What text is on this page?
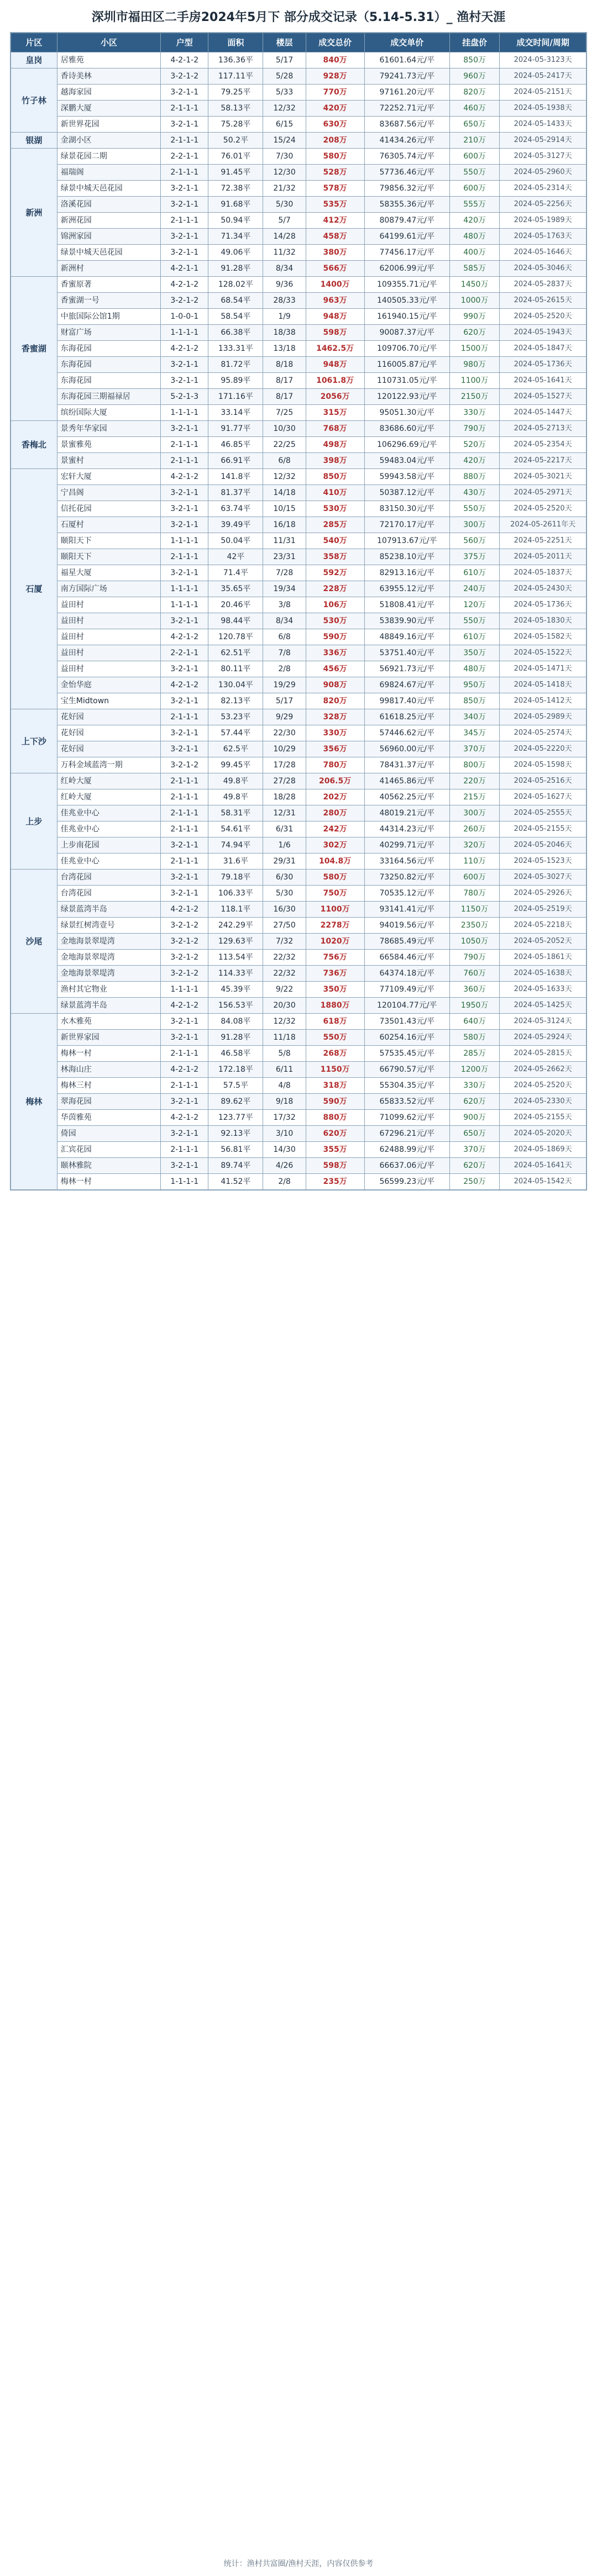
深圳市福田区二手房2024年5月下 部分成交记录（5.14-5.31）_ 渔村天涯
片区	小区	户型	面积	楼层	成交总价	成交单价	挂盘价	成交时间/周期
皇岗	居雅苑	4-2-1-2	136.36平	5/17	840万	61601.64元/平	850万	2024-05-3123天
竹子林	香诗美林	3-2-1-2	117.11平	5/28	928万	79241.73元/平	960万	2024-05-2417天
	越海家园	3-2-1-1	79.25平	5/33	770万	97161.20元/平	820万	2024-05-2151天
	深鹏大厦	2-1-1-1	58.13平	12/32	420万	72252.71元/平	460万	2024-05-1938天
	新世界花园	3-2-1-1	75.28平	6/15	630万	83687.56元/平	650万	2024-05-1433天
银湖	金湖小区	2-1-1-1	50.2平	15/24	208万	41434.26元/平	210万	2024-05-2914天
新洲	绿景花园二期	2-2-1-1	76.01平	7/30	580万	76305.74元/平	600万	2024-05-3127天
	福瑞阁	2-1-1-1	91.45平	12/30	528万	57736.46元/平	550万	2024-05-2960天
	绿景中城天邑花园	3-2-1-1	72.38平	21/32	578万	79856.32元/平	600万	2024-05-2314天
	洛溪花园	3-2-1-1	91.68平	5/30	535万	58355.36元/平	555万	2024-05-2256天
	新洲花园	2-1-1-1	50.94平	5/7	412万	80879.47元/平	420万	2024-05-1989天
	锦洲家园	3-2-1-1	71.34平	14/28	458万	64199.61元/平	480万	2024-05-1763天
	绿景中城天邑花园	3-2-1-1	49.06平	11/32	380万	77456.17元/平	400万	2024-05-1646天
	新洲村	4-2-1-1	91.28平	8/34	566万	62006.99元/平	585万	2024-05-3046天
香蜜湖	香蜜原著	4-2-1-2	128.02平	9/36	1400万	109355.71元/平	1450万	2024-05-2837天
	香蜜湖一号	3-2-1-2	68.54平	28/33	963万	140505.33元/平	1000万	2024-05-2615天
	中旅国际公馆1期	1-0-0-1	58.54平	1/9	948万	161940.15元/平	990万	2024-05-2520天
	财富广场	1-1-1-1	66.38平	18/38	598万	90087.37元/平	620万	2024-05-1943天
	东海花园	4-2-1-2	133.31平	13/18	1462.5万	109706.70元/平	1500万	2024-05-1847天
	东海花园	3-2-1-1	81.72平	8/18	948万	116005.87元/平	980万	2024-05-1736天
	东海花园	3-2-1-1	95.89平	8/17	1061.8万	110731.05元/平	1100万	2024-05-1641天
	东海花园三期福禄居	5-2-1-3	171.16平	8/17	2056万	120122.93元/平	2150万	2024-05-1527天
	缤纷国际大厦	1-1-1-1	33.14平	7/25	315万	95051.30元/平	330万	2024-05-1447天
香梅北	景秀年华家园	3-2-1-1	91.77平	10/30	768万	83686.60元/平	790万	2024-05-2713天
	景蜜雅苑	2-1-1-1	46.85平	22/25	498万	106296.69元/平	520万	2024-05-2354天
	景蜜村	2-1-1-1	66.91平	6/8	398万	59483.04元/平	420万	2024-05-2217天
石厦	宏轩大厦	4-2-1-2	141.8平	12/32	850万	59943.58元/平	880万	2024-05-3021天
	宁昌阁	3-2-1-1	81.37平	14/18	410万	50387.12元/平	430万	2024-05-2971天
	信托花园	3-2-1-1	63.74平	10/15	530万	83150.30元/平	550万	2024-05-2520天
	石厦村	3-2-1-1	39.49平	16/18	285万	72170.17元/平	300万	2024-05-2611年天
	颐阳天下	1-1-1-1	50.04平	11/31	540万	107913.67元/平	560万	2024-05-2251天
	颐阳天下	2-1-1-1	42平	23/31	358万	85238.10元/平	375万	2024-05-2011天
	福星大厦	3-2-1-1	71.4平	7/28	592万	82913.16元/平	610万	2024-05-1837天
	南方国际广场	1-1-1-1	35.65平	19/34	228万	63955.12元/平	240万	2024-05-2430天
	益田村	1-1-1-1	20.46平	3/8	106万	51808.41元/平	120万	2024-05-1736天
	益田村	3-2-1-1	98.44平	8/34	530万	53839.90元/平	550万	2024-05-1830天
	益田村	4-2-1-2	120.78平	6/8	590万	48849.16元/平	610万	2024-05-1582天
	益田村	2-2-1-1	62.51平	7/8	336万	53751.40元/平	350万	2024-05-1522天
	益田村	3-2-1-1	80.11平	2/8	456万	56921.73元/平	480万	2024-05-1471天
	金怡华庭	4-2-1-2	130.04平	19/29	908万	69824.67元/平	950万	2024-05-1418天
	宝生Midtown	3-2-1-1	82.13平	5/17	820万	99817.40元/平	850万	2024-05-1412天
上下沙	花好园	2-1-1-1	53.23平	9/29	328万	61618.25元/平	340万	2024-05-2989天
	花好园	3-2-1-1	57.44平	22/30	330万	57446.62元/平	345万	2024-05-2574天
	花好园	3-2-1-1	62.5平	10/29	356万	56960.00元/平	370万	2024-05-2220天
	万科金域蓝湾一期	3-2-1-2	99.45平	17/28	780万	78431.37元/平	800万	2024-05-1598天
上步	红岭大厦	2-1-1-1	49.8平	27/28	206.5万	41465.86元/平	220万	2024-05-2516天
	红岭大厦	2-1-1-1	49.8平	18/28	202万	40562.25元/平	215万	2024-05-1627天
	佳兆业中心	2-1-1-1	58.31平	12/31	280万	48019.21元/平	300万	2024-05-2555天
	佳兆业中心	2-1-1-1	54.61平	6/31	242万	44314.23元/平	260万	2024-05-2155天
	上步南花园	3-2-1-1	74.94平	1/6	302万	40299.71元/平	320万	2024-05-2046天
	佳兆业中心	2-1-1-1	31.6平	29/31	104.8万	33164.56元/平	110万	2024-05-1523天
沙尾	台湾花园	3-2-1-1	79.18平	6/30	580万	73250.82元/平	600万	2024-05-3027天
	台湾花园	3-2-1-1	106.33平	5/30	750万	70535.12元/平	780万	2024-05-2926天
	绿景蓝湾半岛	4-2-1-2	118.1平	16/30	1100万	93141.41元/平	1150万	2024-05-2519天
	绿景红树湾壹号	3-2-1-2	242.29平	27/50	2278万	94019.56元/平	2350万	2024-05-2218天
	金地海景翠堤湾	3-2-1-2	129.63平	7/32	1020万	78685.49元/平	1050万	2024-05-2052天
	金地海景翠堤湾	3-2-1-2	113.54平	22/32	756万	66584.46元/平	790万	2024-05-1861天
	金地海景翠堤湾	3-2-1-2	114.33平	22/32	736万	64374.18元/平	760万	2024-05-1638天
	渔村其它物业	1-1-1-1	45.39平	9/22	350万	77109.49元/平	360万	2024-05-1633天
	绿景蓝湾半岛	4-2-1-2	156.53平	20/30	1880万	120104.77元/平	1950万	2024-05-1425天
梅林	水木雅苑	3-2-1-1	84.08平	12/32	618万	73501.43元/平	640万	2024-05-3124天
	新世界家园	3-2-1-1	91.28平	11/18	550万	60254.16元/平	580万	2024-05-2924天
	梅林一村	2-1-1-1	46.58平	5/8	268万	57535.45元/平	285万	2024-05-2815天
	林海山庄	4-2-1-2	172.18平	6/11	1150万	66790.57元/平	1200万	2024-05-2662天
	梅林三村	2-1-1-1	57.5平	4/8	318万	55304.35元/平	330万	2024-05-2520天
	翠海花园	3-2-1-1	89.62平	9/18	590万	65833.52元/平	620万	2024-05-2330天
	华茵雅苑	4-2-1-2	123.77平	17/32	880万	71099.62元/平	900万	2024-05-2155天
	倚园	3-2-1-1	92.13平	3/10	620万	67296.21元/平	650万	2024-05-2020天
	汇宾花园	2-1-1-1	56.81平	14/30	355万	62488.99元/平	370万	2024-05-1869天
	颐林雅院	3-2-1-1	89.74平	4/26	598万	66637.06元/平	620万	2024-05-1641天
	梅林一村	1-1-1-1	41.52平	2/8	235万	56599.23元/平	250万	2024-05-1542天
统计：渔村共富圈/渔村天涯，内容仅供参考
